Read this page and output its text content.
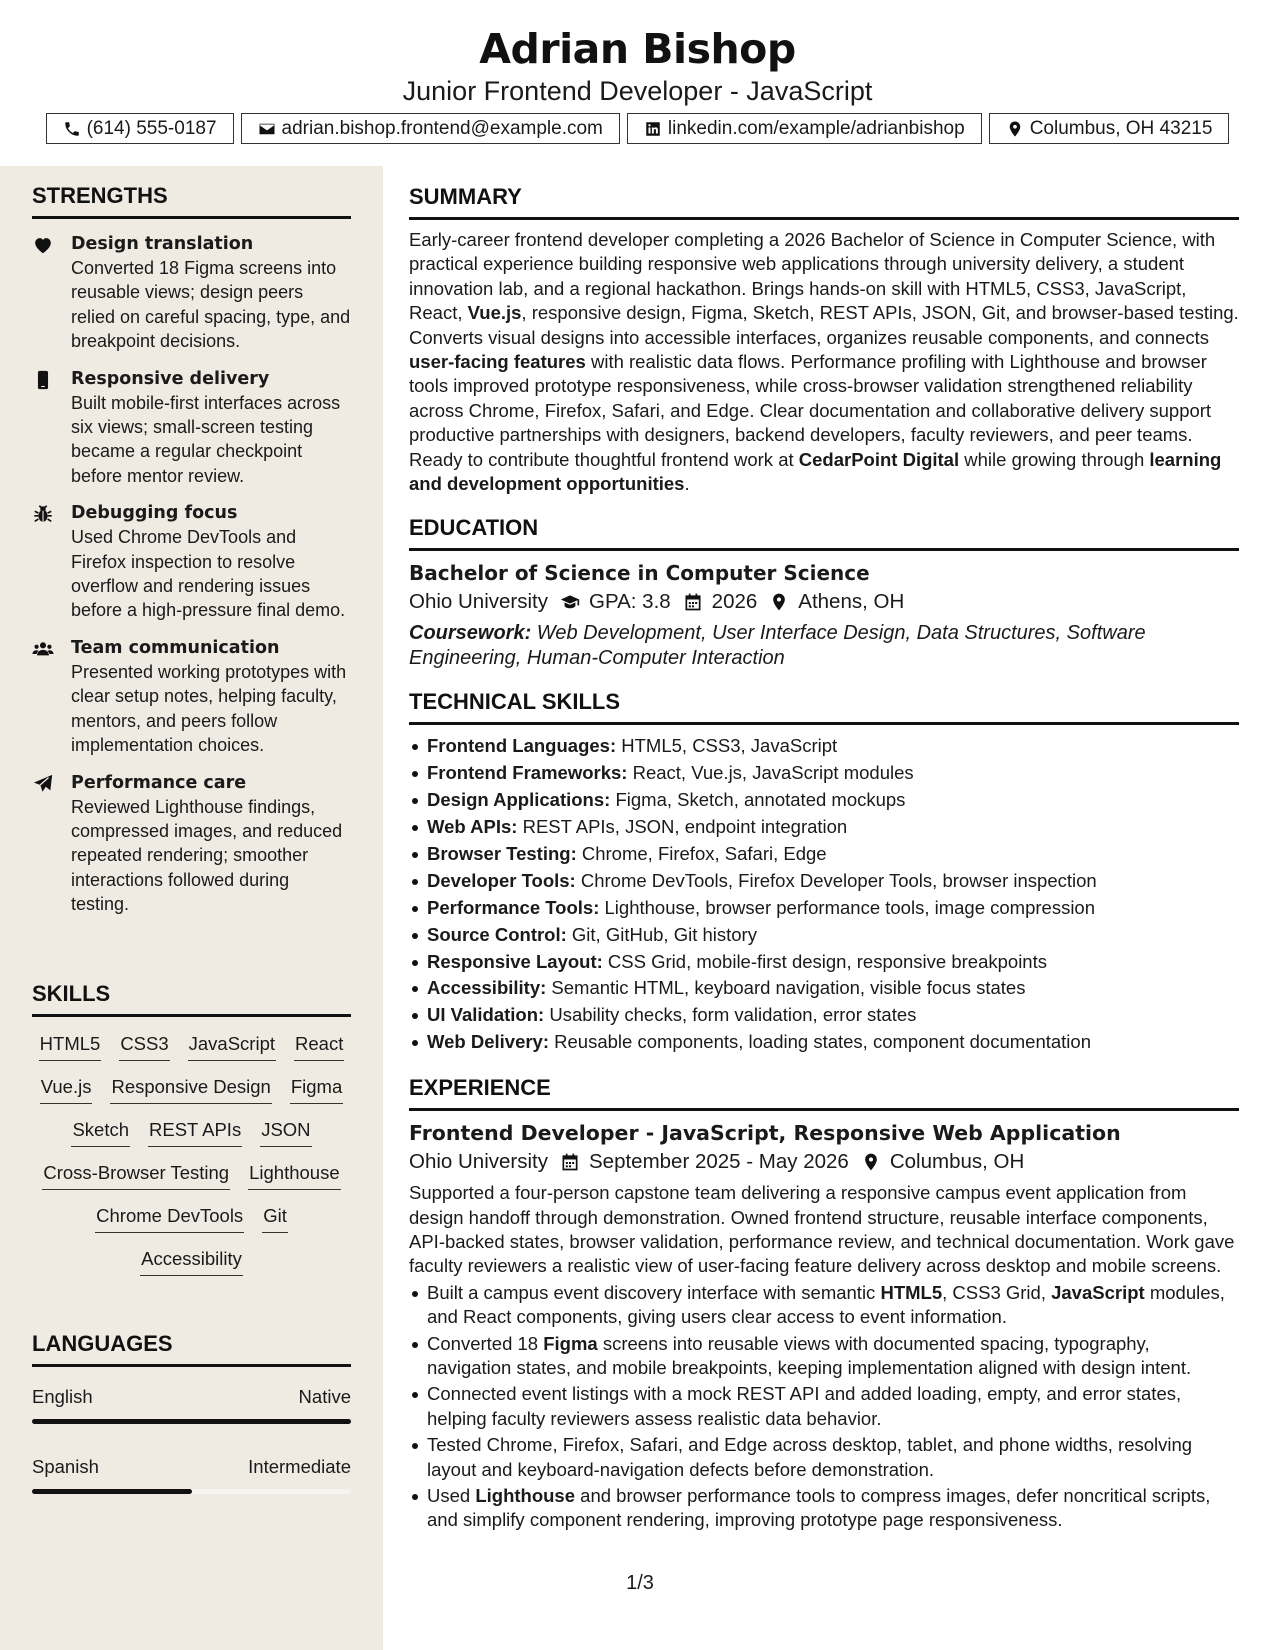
Adrian Bishop
Junior Frontend Developer - JavaScript
(614) 555-0187	adrian.bishop.frontend@example.com	linkedin.com/example/adrianbishop	Columbus, OH 43215
STRENGTHS
Design translation
Converted 18 Figma screens into reusable views; design peers relied on careful spacing, type, and breakpoint decisions.
Responsive delivery
Built mobile-first interfaces across six views; small-screen testing became a regular checkpoint before mentor review.
Debugging focus
Used Chrome DevTools and Firefox inspection to resolve overflow and rendering issues before a high-pressure final demo.
Team communication
Presented working prototypes with clear setup notes, helping faculty, mentors, and peers follow implementation choices.
Performance care
Reviewed Lighthouse findings, compressed images, and reduced repeated rendering; smoother interactions followed during testing.
SKILLS
HTML5 CSS3 JavaScript React
Vue.js Responsive Design Figma
Sketch REST APIs JSON
Cross-Browser Testing Lighthouse
Chrome DevTools Git
Accessibility
LANGUAGES
English	Native
Spanish	Intermediate
SUMMARY
Early-career frontend developer completing a 2026 Bachelor of Science in Computer Science, with practical experience building responsive web applications through university delivery, a student innovation lab, and a regional hackathon. Brings hands-on skill with HTML5, CSS3, JavaScript, React, Vue.js, responsive design, Figma, Sketch, REST APIs, JSON, Git, and browser-based testing. Converts visual designs into accessible interfaces, organizes reusable components, and connects user-facing features with realistic data flows. Performance profiling with Lighthouse and browser tools improved prototype responsiveness, while cross-browser validation strengthened reliability across Chrome, Firefox, Safari, and Edge. Clear documentation and collaborative delivery support productive partnerships with designers, backend developers, faculty reviewers, and peer teams. Ready to contribute thoughtful frontend work at CedarPoint Digital while growing through learning and development opportunities.
EDUCATION
Bachelor of Science in Computer Science
Ohio University GPA: 3.8 2026 Athens, OH
Coursework: Web Development, User Interface Design, Data Structures, Software Engineering, Human-Computer Interaction
TECHNICAL SKILLS
Frontend Languages: HTML5, CSS3, JavaScript
Frontend Frameworks: React, Vue.js, JavaScript modules
Design Applications: Figma, Sketch, annotated mockups
Web APIs: REST APIs, JSON, endpoint integration
Browser Testing: Chrome, Firefox, Safari, Edge
Developer Tools: Chrome DevTools, Firefox Developer Tools, browser inspection
Performance Tools: Lighthouse, browser performance tools, image compression
Source Control: Git, GitHub, Git history
Responsive Layout: CSS Grid, mobile-first design, responsive breakpoints
Accessibility: Semantic HTML, keyboard navigation, visible focus states
UI Validation: Usability checks, form validation, error states
Web Delivery: Reusable components, loading states, component documentation
EXPERIENCE
Frontend Developer - JavaScript, Responsive Web Application
Ohio University September 2025 - May 2026 Columbus, OH
Supported a four-person capstone team delivering a responsive campus event application from design handoff through demonstration. Owned frontend structure, reusable interface components, API-backed states, browser validation, performance review, and technical documentation. Work gave faculty reviewers a realistic view of user-facing feature delivery across desktop and mobile screens.
Built a campus event discovery interface with semantic HTML5, CSS3 Grid, JavaScript modules, and React components, giving users clear access to event information.
Converted 18 Figma screens into reusable views with documented spacing, typography, navigation states, and mobile breakpoints, keeping implementation aligned with design intent.
Connected event listings with a mock REST API and added loading, empty, and error states, helping faculty reviewers assess realistic data behavior.
Tested Chrome, Firefox, Safari, and Edge across desktop, tablet, and phone widths, resolving layout and keyboard-navigation defects before demonstration.
Used Lighthouse and browser performance tools to compress images, defer noncritical scripts, and simplify component rendering, improving prototype page responsiveness.
1/3
